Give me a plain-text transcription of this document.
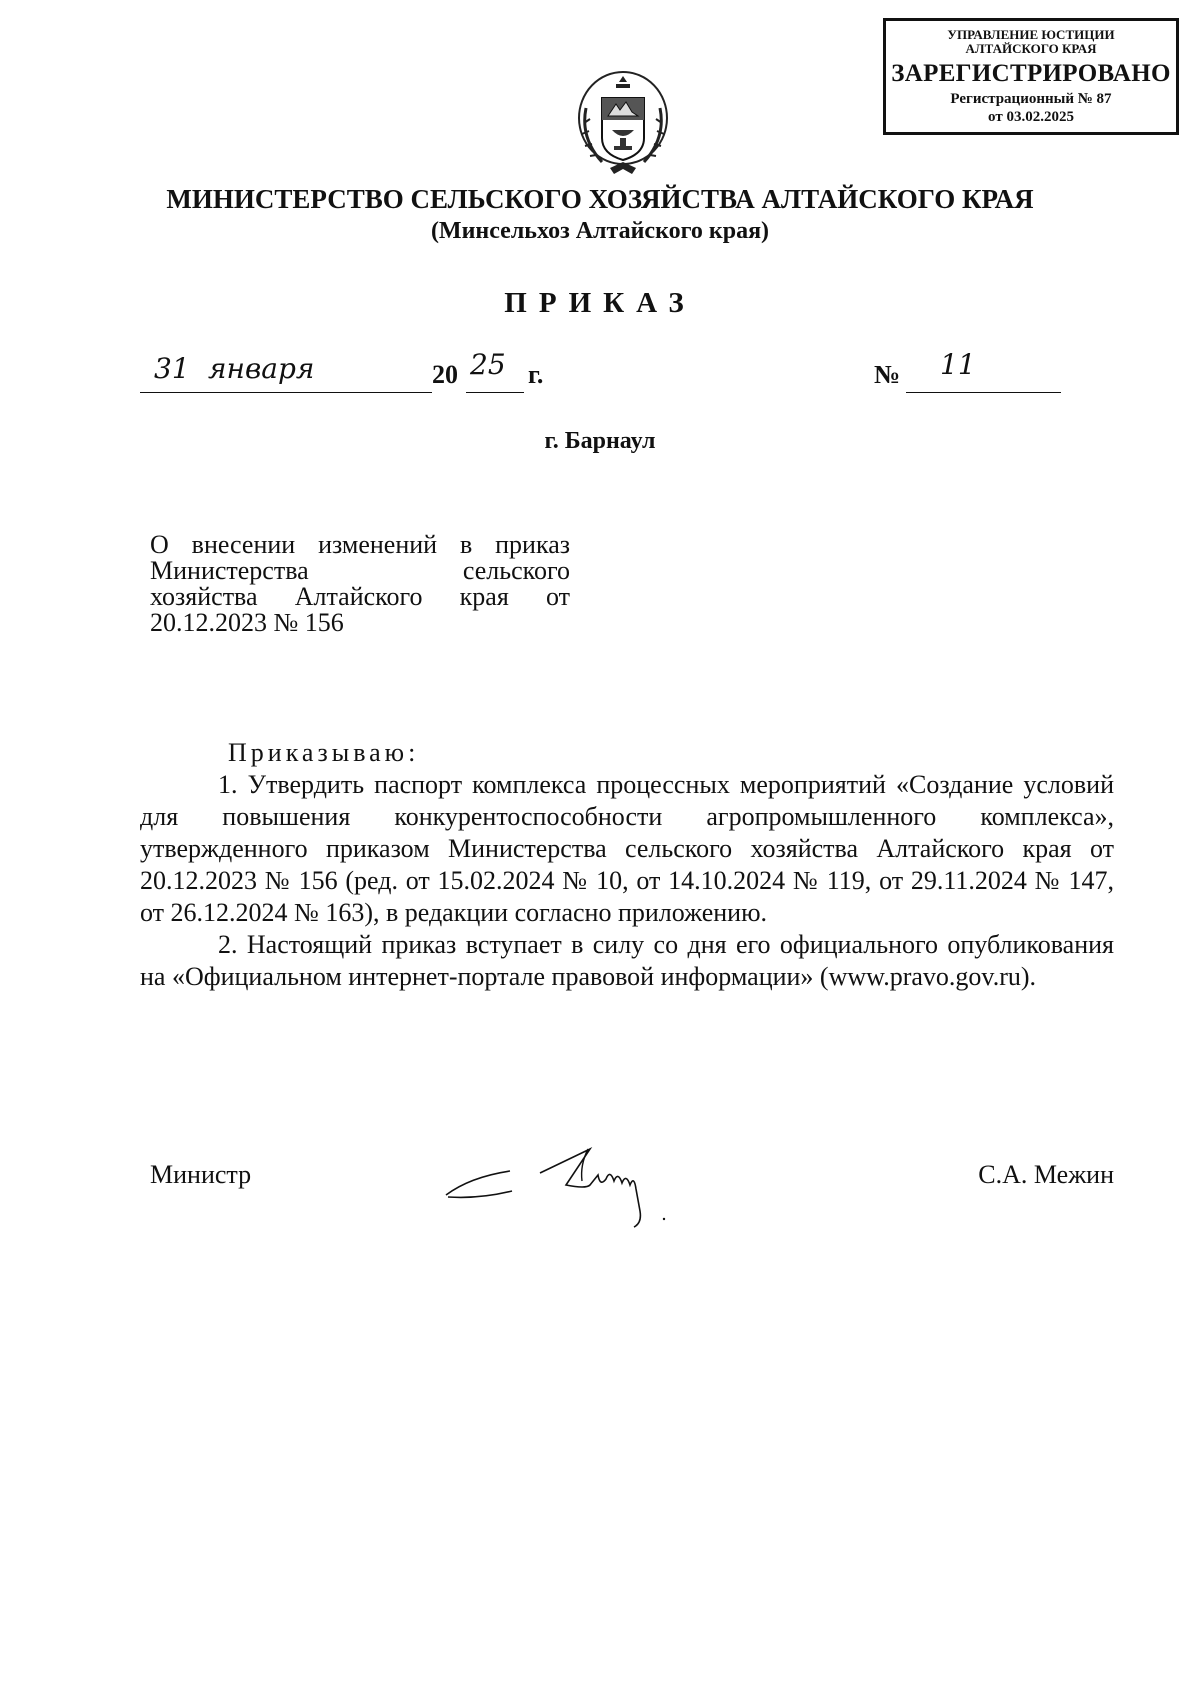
УПРАВЛЕНИЕ ЮСТИЦИИ
АЛТАЙСКОГО КРАЯ
ЗАРЕГИСТРИРОВАНО
Регистрационный № 87
от 03.02.2025
МИНИСТЕРСТВО СЕЛЬСКОГО ХОЗЯЙСТВА АЛТАЙСКОГО КРАЯ
(Минсельхоз Алтайского края)
ПРИКАЗ
31 января	20 25 г.	№ 11
г. Барнаул
О внесении изменений в приказ
Министерства сельского
хозяйства Алтайского края от
20.12.2023 № 156
Приказываю:

1. Утвердить паспорт комплекса процессных мероприятий «Создание условий для повышения конкурентоспособности агропромышленного комплекса», утвержденного приказом Министерства сельского хозяйства Алтайского края от 20.12.2023 № 156 (ред. от 15.02.2024 № 10, от 14.10.2024 № 119, от 29.11.2024 № 147, от 26.12.2024 № 163), в редакции согласно приложению.

2. Настоящий приказ вступает в силу со дня его официального опубликования на «Официальном интернет-портале правовой информации» (www.pravo.gov.ru).

Министр	С.А. Межин
